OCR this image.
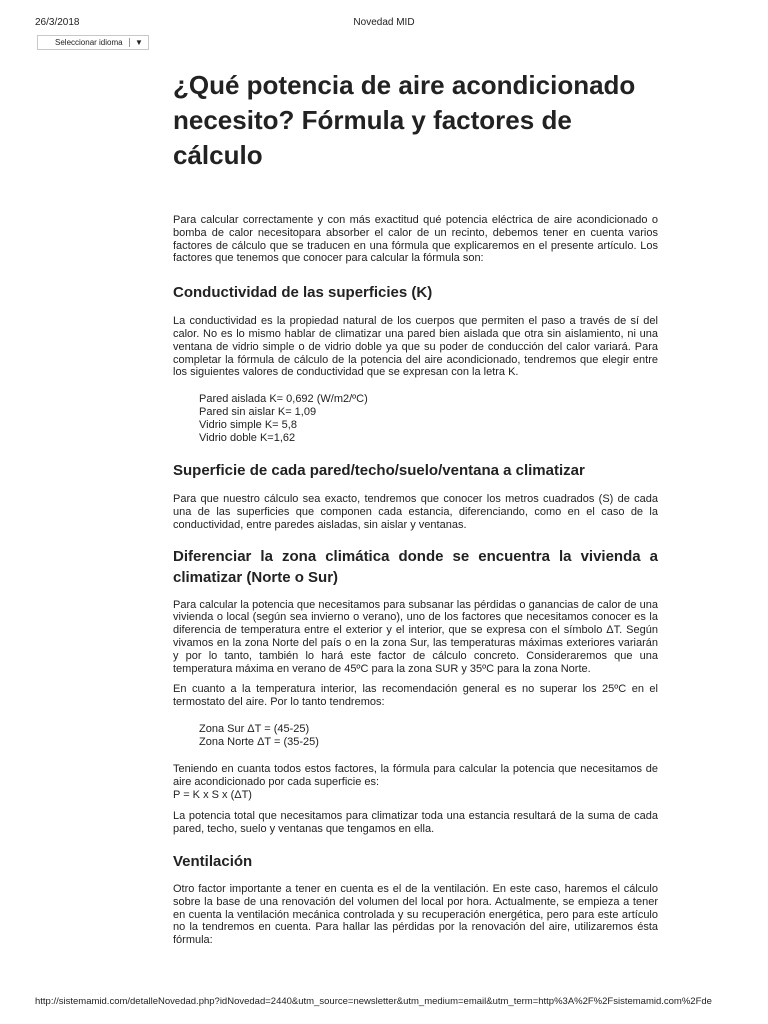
26/3/2018	Novedad MID
Seleccionar idioma ▼
¿Qué potencia de aire acondicionado necesito? Fórmula y factores de cálculo

Para calcular correctamente y con más exactitud qué potencia eléctrica de aire acondicionado o bomba de calor necesitopara absorber el calor de un recinto, debemos tener en cuenta varios factores de cálculo que se traducen en una fórmula que explicaremos en el presente artículo. Los factores que tenemos que conocer para calcular la fórmula son:

Conductividad de las superficies (K)

La conductividad es la propiedad natural de los cuerpos que permiten el paso a través de sí del calor. No es lo mismo hablar de climatizar una pared bien aislada que otra sin aislamiento, ni una ventana de vidrio simple o de vidrio doble ya que su poder de conducción del calor variará. Para completar la fórmula de cálculo de la potencia del aire acondicionado, tendremos que elegir entre los siguientes valores de conductividad que se expresan con la letra K.

Pared aislada K= 0,692 (W/m2/ºC)
Pared sin aislar K= 1,09
Vidrio simple K= 5,8
Vidrio doble K=1,62
Superficie de cada pared/techo/suelo/ventana a climatizar

Para que nuestro cálculo sea exacto, tendremos que conocer los metros cuadrados (S) de cada una de las superficies que componen cada estancia, diferenciando, como en el caso de la conductividad, entre paredes aisladas, sin aislar y ventanas.

Diferenciar la zona climática donde se encuentra la vivienda a climatizar (Norte o Sur)

Para calcular la potencia que necesitamos para subsanar las pérdidas o ganancias de calor de una vivienda o local (según sea invierno o verano), uno de los factores que necesitamos conocer es la diferencia de temperatura entre el exterior y el interior, que se expresa con el símbolo ΔT. Según vivamos en la zona Norte del país o en la zona Sur, las temperaturas máximas exteriores variarán y por lo tanto, también lo hará este factor de cálculo concreto. Consideraremos que una temperatura máxima en verano de 45ºC para la zona SUR y 35ºC para la zona Norte.

En cuanto a la temperatura interior, las recomendación general es no superar los 25ºC en el termostato del aire. Por lo tanto tendremos:

Zona Sur ΔT = (45-25)
Zona Norte ΔT = (35-25)

Teniendo en cuanta todos estos factores, la fórmula para calcular la potencia que necesitamos de aire acondicionado por cada superficie es:

P = K x S x (ΔT)

La potencia total que necesitamos para climatizar toda una estancia resultará de la suma de cada pared, techo, suelo y ventanas que tengamos en ella.

Ventilación

Otro factor importante a tener en cuenta es el de la ventilación. En este caso, haremos el cálculo sobre la base de una renovación del volumen del local por hora. Actualmente, se empieza a tener en cuenta la ventilación mecánica controlada y su recuperación energética, pero para este artículo no la tendremos en cuenta. Para hallar las pérdidas por la renovación del aire, utilizaremos ésta fórmula:

http://sistemamid.com/detalleNovedad.php?idNovedad=2440&utm_source=newsletter&utm_medium=email&utm_term=http%3A%2F%2Fsistemamid.com%2Fde
